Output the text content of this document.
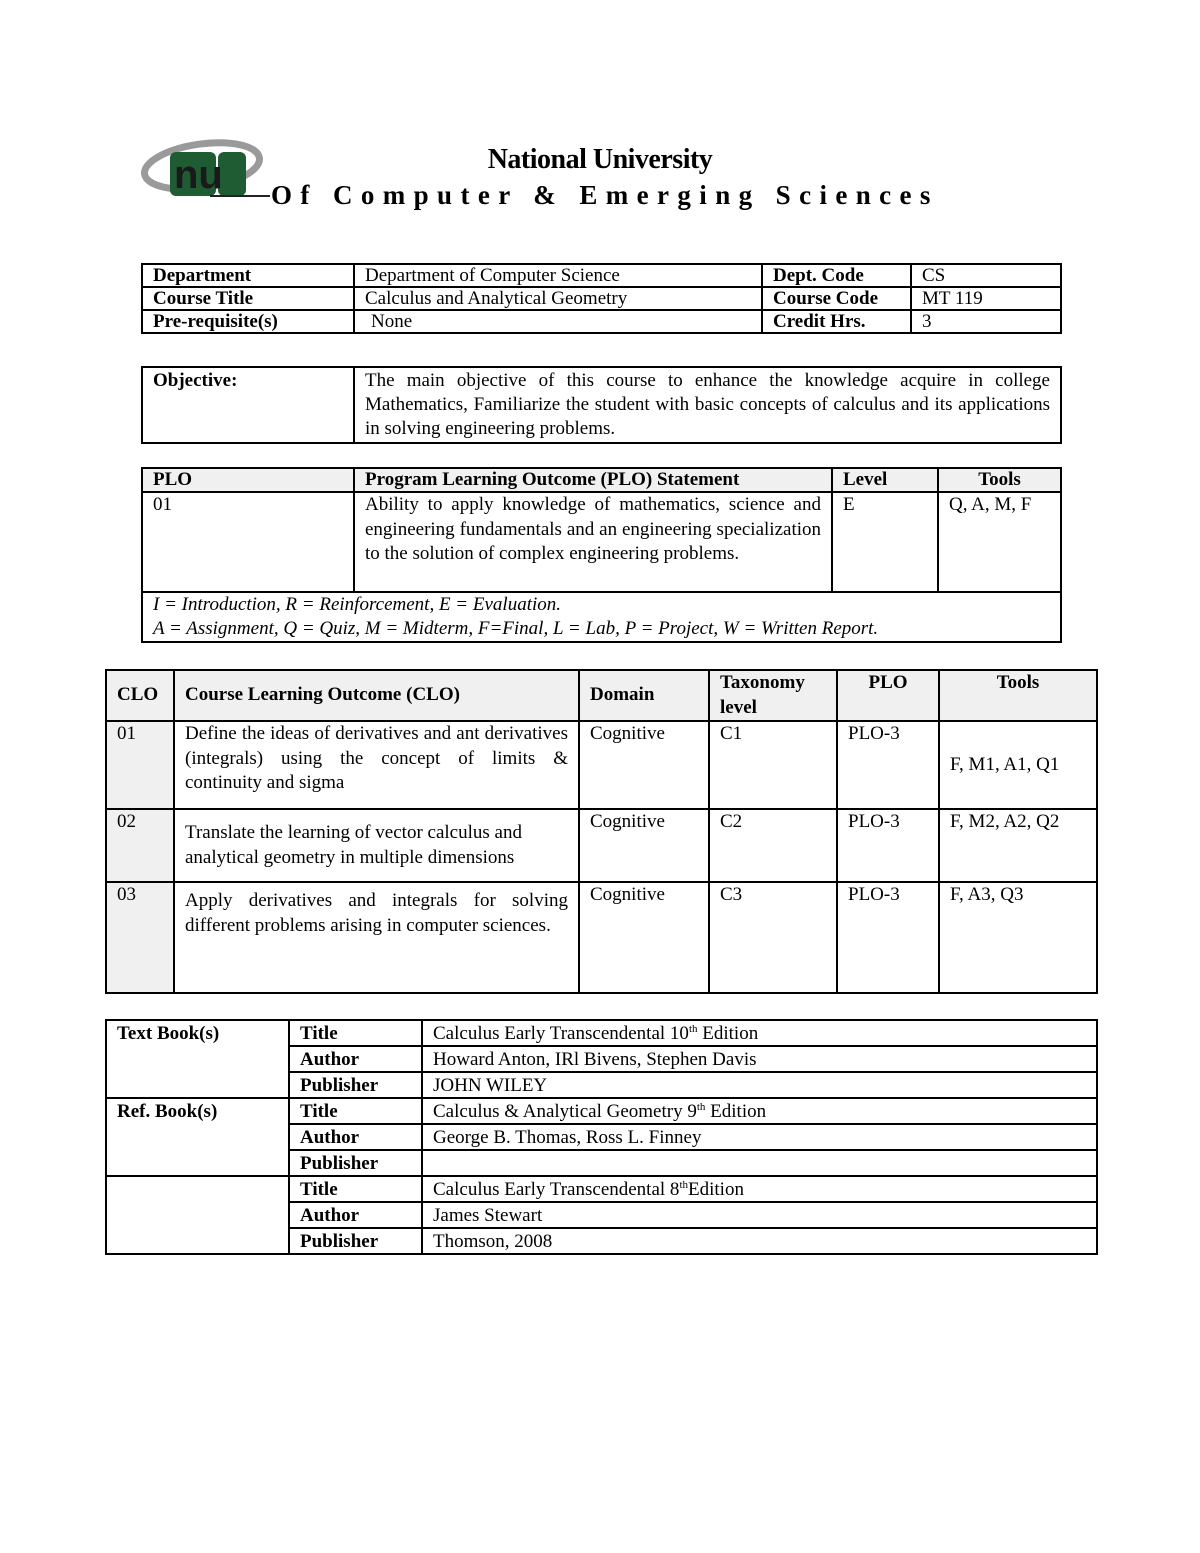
nu	National University
Of Computer & Emerging Sciences
Department	Department of Computer Science	Dept. Code	CS
Course Title	Calculus and Analytical Geometry	Course Code	MT 119
Pre-requisite(s)	None	Credit Hrs.	3
Objective:	The main objective of this course to enhance the knowledge acquire in college Mathematics, Familiarize the student with basic concepts of calculus and its applications in solving engineering problems.
PLO	Program Learning Outcome (PLO) Statement	Level	Tools
01	Ability to apply knowledge of mathematics, science and engineering fundamentals and an engineering specialization to the solution of complex engineering problems.	E	Q, A, M, F

I = Introduction, R = Reinforcement, E = Evaluation.
A = Assignment, Q = Quiz, M = Midterm, F=Final, L = Lab, P = Project, W = Written Report.			
CLO	Course Learning Outcome (CLO)	Domain	Taxonomy level	PLO	Tools
01	Define the ideas of derivatives and ant derivatives (integrals) using the concept of limits & continuity and sigma	Cognitive	C1	PLO-3	F, M1, A1, Q1
02	Translate the learning of vector calculus and analytical geometry in multiple dimensions	Cognitive	C2	PLO-3	F, M2, A2, Q2
03	Apply derivatives and integrals for solving different problems arising in computer sciences.	Cognitive	C3	PLO-3	F, A3, Q3
Text Book(s)	Title	Calculus Early Transcendental 10th Edition
	Author	Howard Anton, IRl Bivens, Stephen Davis
	Publisher	JOHN WILEY
Ref. Book(s)	Title	Calculus & Analytical Geometry 9th Edition
	Author	George B. Thomas, Ross L. Finney
	Publisher	
	Title	Calculus Early Transcendental 8thEdition
	Author	James Stewart
	Publisher	Thomson, 2008
